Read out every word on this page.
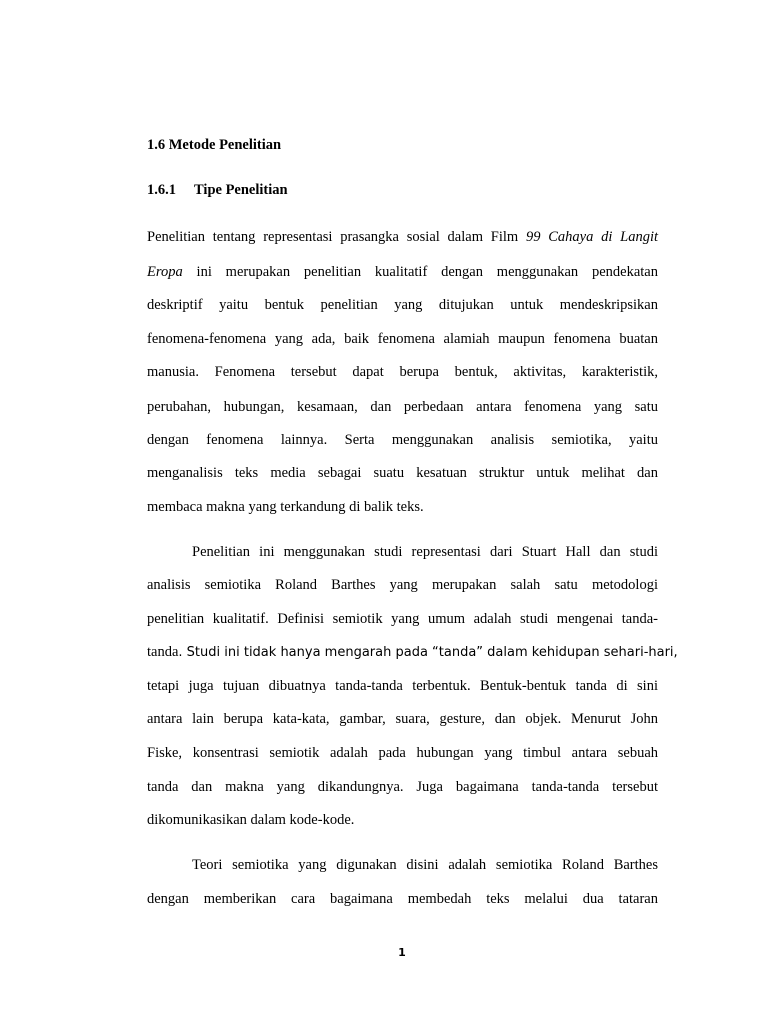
1.6 Metode Penelitian
1.6.1 Tipe Penelitian
Penelitian tentang representasi prasangka sosial dalam Film 99 Cahaya di Langit
Eropa ini merupakan penelitian kualitatif dengan menggunakan pendekatan
deskriptif yaitu bentuk penelitian yang ditujukan untuk mendeskripsikan
fenomena-fenomena yang ada, baik fenomena alamiah maupun fenomena buatan
manusia. Fenomena tersebut dapat berupa bentuk, aktivitas, karakteristik,
perubahan, hubungan, kesamaan, dan perbedaan antara fenomena yang satu
dengan fenomena lainnya. Serta menggunakan analisis semiotika, yaitu
menganalisis teks media sebagai suatu kesatuan struktur untuk melihat dan
membaca makna yang terkandung di balik teks.
Penelitian ini menggunakan studi representasi dari Stuart Hall dan studi
analisis semiotika Roland Barthes yang merupakan salah satu metodologi
penelitian kualitatif. Definisi semiotik yang umum adalah studi mengenai tanda-
tanda. Studi ini tidak hanya mengarah pada “tanda” dalam kehidupan sehari-hari,
tetapi juga tujuan dibuatnya tanda-tanda terbentuk. Bentuk-bentuk tanda di sini
antara lain berupa kata-kata, gambar, suara, gesture, dan objek. Menurut John
Fiske, konsentrasi semiotik adalah pada hubungan yang timbul antara sebuah
tanda dan makna yang dikandungnya. Juga bagaimana tanda-tanda tersebut
dikomunikasikan dalam kode-kode.
Teori semiotika yang digunakan disini adalah semiotika Roland Barthes
dengan memberikan cara bagaimana membedah teks melalui dua tataran
1
